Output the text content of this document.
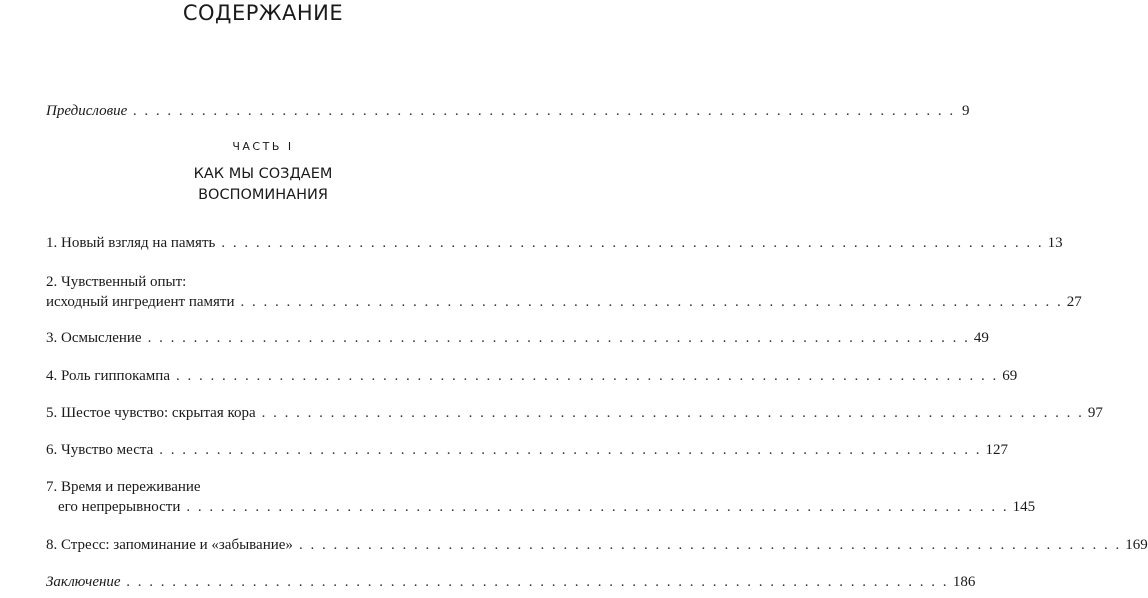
СОДЕРЖАНИЕ
Предисловие . . . . . . . . . . . . . . . . . . . . . . . . . . . . . . . . . . . . . . . . . . . . . . . . . . . . . . . . . . . . . . . . . . . . . . . . 9
ЧАСТЬ I
КАК МЫ СОЗДАЕМ
ВОСПОМИНАНИЯ
1. Новый взгляд на память . . . . . . . . . . . . . . . . . . . . . . . . . . . . . . . . . . . . . . . . . . . . . . . . . . . . . . . . . . . . . . . . . . . . . . . . 13
2. Чувственный опыт:
исходный ингредиент памяти . . . . . . . . . . . . . . . . . . . . . . . . . . . . . . . . . . . . . . . . . . . . . . . . . . . . . . . . . . . . . . . . . . . . . . . . 27
3. Осмысление . . . . . . . . . . . . . . . . . . . . . . . . . . . . . . . . . . . . . . . . . . . . . . . . . . . . . . . . . . . . . . . . . . . . . . . . 49
4. Роль гиппокампа . . . . . . . . . . . . . . . . . . . . . . . . . . . . . . . . . . . . . . . . . . . . . . . . . . . . . . . . . . . . . . . . . . . . . . . . 69
5. Шестое чувство: скрытая кора . . . . . . . . . . . . . . . . . . . . . . . . . . . . . . . . . . . . . . . . . . . . . . . . . . . . . . . . . . . . . . . . . . . . . . . . 97
6. Чувство места . . . . . . . . . . . . . . . . . . . . . . . . . . . . . . . . . . . . . . . . . . . . . . . . . . . . . . . . . . . . . . . . . . . . . . . . 127
7. Время и переживание
его непрерывности . . . . . . . . . . . . . . . . . . . . . . . . . . . . . . . . . . . . . . . . . . . . . . . . . . . . . . . . . . . . . . . . . . . . . . . . 145
8. Стресс: запоминание и «забывание» . . . . . . . . . . . . . . . . . . . . . . . . . . . . . . . . . . . . . . . . . . . . . . . . . . . . . . . . . . . . . . . . . . . . . . . . 169
Заключение . . . . . . . . . . . . . . . . . . . . . . . . . . . . . . . . . . . . . . . . . . . . . . . . . . . . . . . . . . . . . . . . . . . . . . . . 186
